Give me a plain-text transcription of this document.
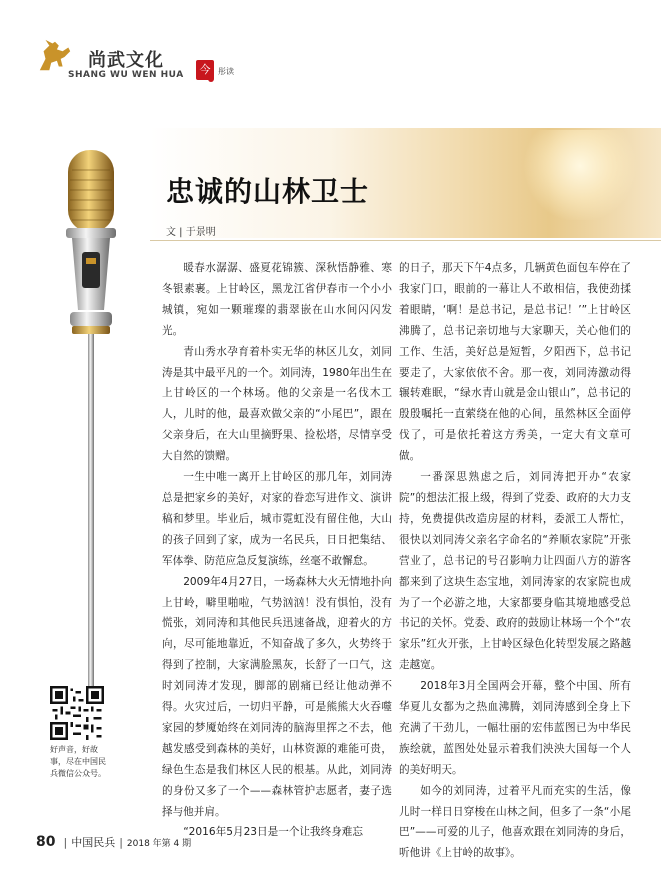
尚武文化
SHANG WU WEN HUA	今 彤读
忠诚的山林卫士
文 | 于景明

暖春水潺潺、盛夏花锦簇、深秋悟静雅、寒冬银素裹。上甘岭区，黑龙江省伊春市一个小小城镇，宛如一颗璀璨的翡翠嵌在山水间闪闪发光。

青山秀水孕育着朴实无华的林区儿女，刘同涛是其中最平凡的一个。刘同涛，1980年出生在上甘岭区的一个林场。他的父亲是一名伐木工人，儿时的他，最喜欢做父亲的“小尾巴”，跟在父亲身后，在大山里摘野果、捡松塔，尽情享受大自然的馈赠。

一生中唯一离开上甘岭区的那几年，刘同涛总是把家乡的美好，对家的眷恋写进作文、演讲稿和梦里。毕业后，城市霓虹没有留住他，大山的孩子回到了家，成为一名民兵，日日把集结、军体拳、防范应急反复演练，丝毫不敢懈怠。

2009年4月27日，一场森林大火无情地扑向上甘岭，噼里啪啦，气势汹汹！没有惧怕，没有慌张，刘同涛和其他民兵迅速备战，迎着火的方向，尽可能地靠近，不知奋战了多久，火势终于得到了控制，大家满脸黑灰，长舒了一口气，这时刘同涛才发现，脚部的剧痛已经让他动弹不得。火灾过后，一切归平静，可是熊熊大火吞噬家园的梦魇始终在刘同涛的脑海里挥之不去，他越发感受到森林的美好，山林资源的难能可贵，绿色生态是我们林区人民的根基。从此，刘同涛的身份又多了一个——森林管护志愿者，妻子选择与他并肩。

“2016年5月23日是一个让我终身难忘

的日子，那天下午4点多，几辆黄色面包车停在了我家门口，眼前的一幕让人不敢相信，我使劲揉着眼睛，‘啊！是总书记，是总书记！’”上甘岭区沸腾了，总书记亲切地与大家聊天，关心他们的工作、生活，美好总是短暂，夕阳西下，总书记要走了，大家依依不舍。那一夜，刘同涛激动得辗转难眠，“绿水青山就是金山银山”，总书记的殷殷嘱托一直萦绕在他的心间，虽然林区全面停伐了，可是依托着这方秀美，一定大有文章可做。

一番深思熟虑之后，刘同涛把开办“农家院”的想法汇报上级，得到了党委、政府的大力支持，免费提供改造房屋的材料，委派工人帮忙，很快以刘同涛父亲名字命名的“养顺农家院”开张营业了，总书记的号召影响力让四面八方的游客都来到了这块生态宝地，刘同涛家的农家院也成为了一个必游之地，大家都要身临其境地感受总书记的关怀。党委、政府的鼓励让林场一个个“农家乐”红火开张，上甘岭区绿色化转型发展之路越走越宽。

2018年3月全国两会开幕，整个中国、所有华夏儿女都为之热血沸腾，刘同涛感到全身上下充满了干劲儿，一幅壮丽的宏伟蓝图已为中华民族绘就，蓝图处处显示着我们泱泱大国每一个人的美好明天。

如今的刘同涛，过着平凡而充实的生活，像儿时一样日日穿梭在山林之间，但多了一条“小尾巴”——可爱的儿子，他喜欢跟在刘同涛的身后，听他讲《上甘岭的故事》。

好声音，好故事，尽在中国民兵微信公众号。
80 | 中国民兵 | 2018 年第 4 期
